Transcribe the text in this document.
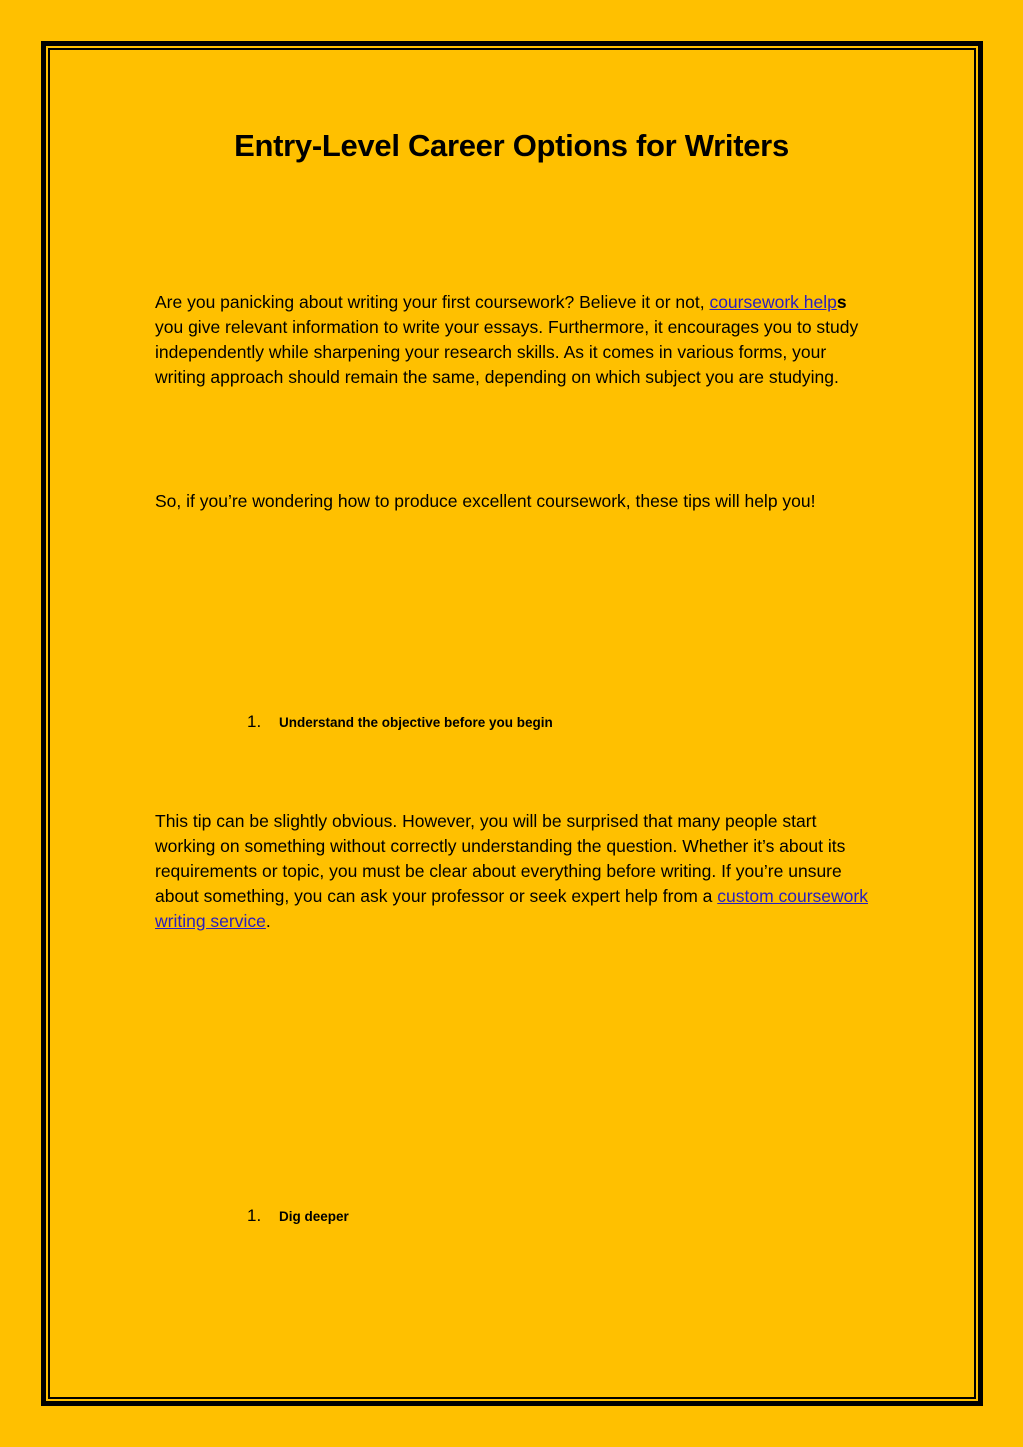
Entry-Level Career Options for Writers

Are you panicking about writing your first coursework? Believe it or not, coursework helps you give relevant information to write your essays. Furthermore, it encourages you to study independently while sharpening your research skills. As it comes in various forms, your writing approach should remain the same, depending on which subject you are studying.

So, if you’re wondering how to produce excellent coursework, these tips will help you!

1.	Understand the objective before you begin

This tip can be slightly obvious. However, you will be surprised that many people start working on something without correctly understanding the question. Whether it’s about its requirements or topic, you must be clear about everything before writing. If you’re unsure about something, you can ask your professor or seek expert help from a custom coursework writing service.

1.	Dig deeper
